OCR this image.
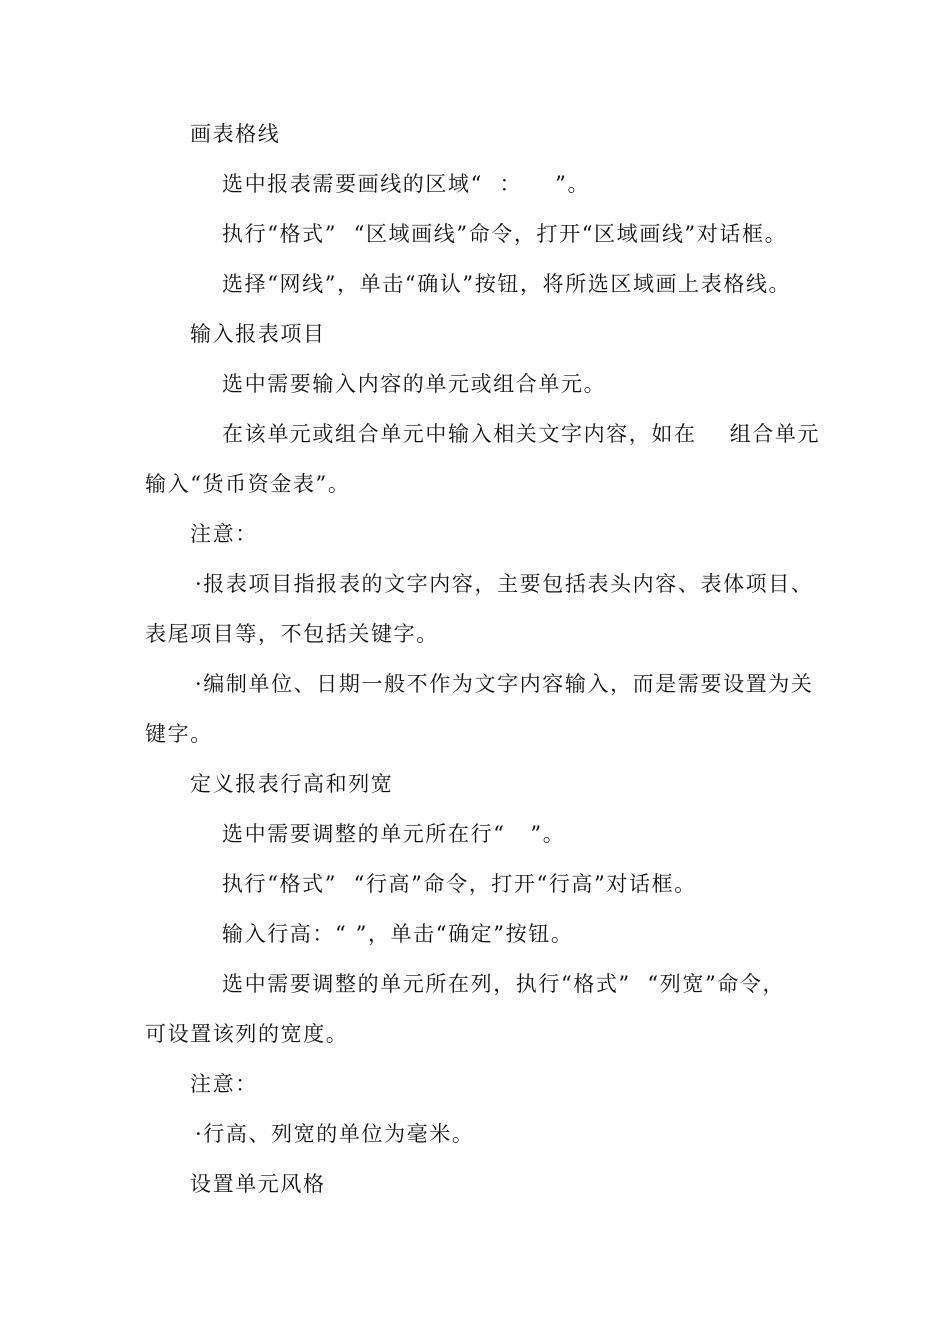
画表格线
选中报表需要画线的区域“  ：    ”。
执行“格式”  “区域画线”命令，打开“区域画线”对话框。
选择“网线”，单击“确认”按钮，将所选区域画上表格线。
输入报表项目
选中需要输入内容的单元或组合单元。
在该单元或组合单元中输入相关文字内容，如在    组合单元
输入“货币资金表”。
注意：
·报表项目指报表的文字内容，主要包括表头内容、表体项目、
表尾项目等，不包括关键字。
·编制单位、日期一般不作为文字内容输入，而是需要设置为关
键字。
定义报表行高和列宽
选中需要调整的单元所在行“   ”。
执行“格式”  “行高”命令，打开“行高”对话框。
输入行高：“ ”，单击“确定”按钮。
选中需要调整的单元所在列，执行“格式”  “列宽”命令，
可设置该列的宽度。
注意：
·行高、列宽的单位为毫米。
设置单元风格
